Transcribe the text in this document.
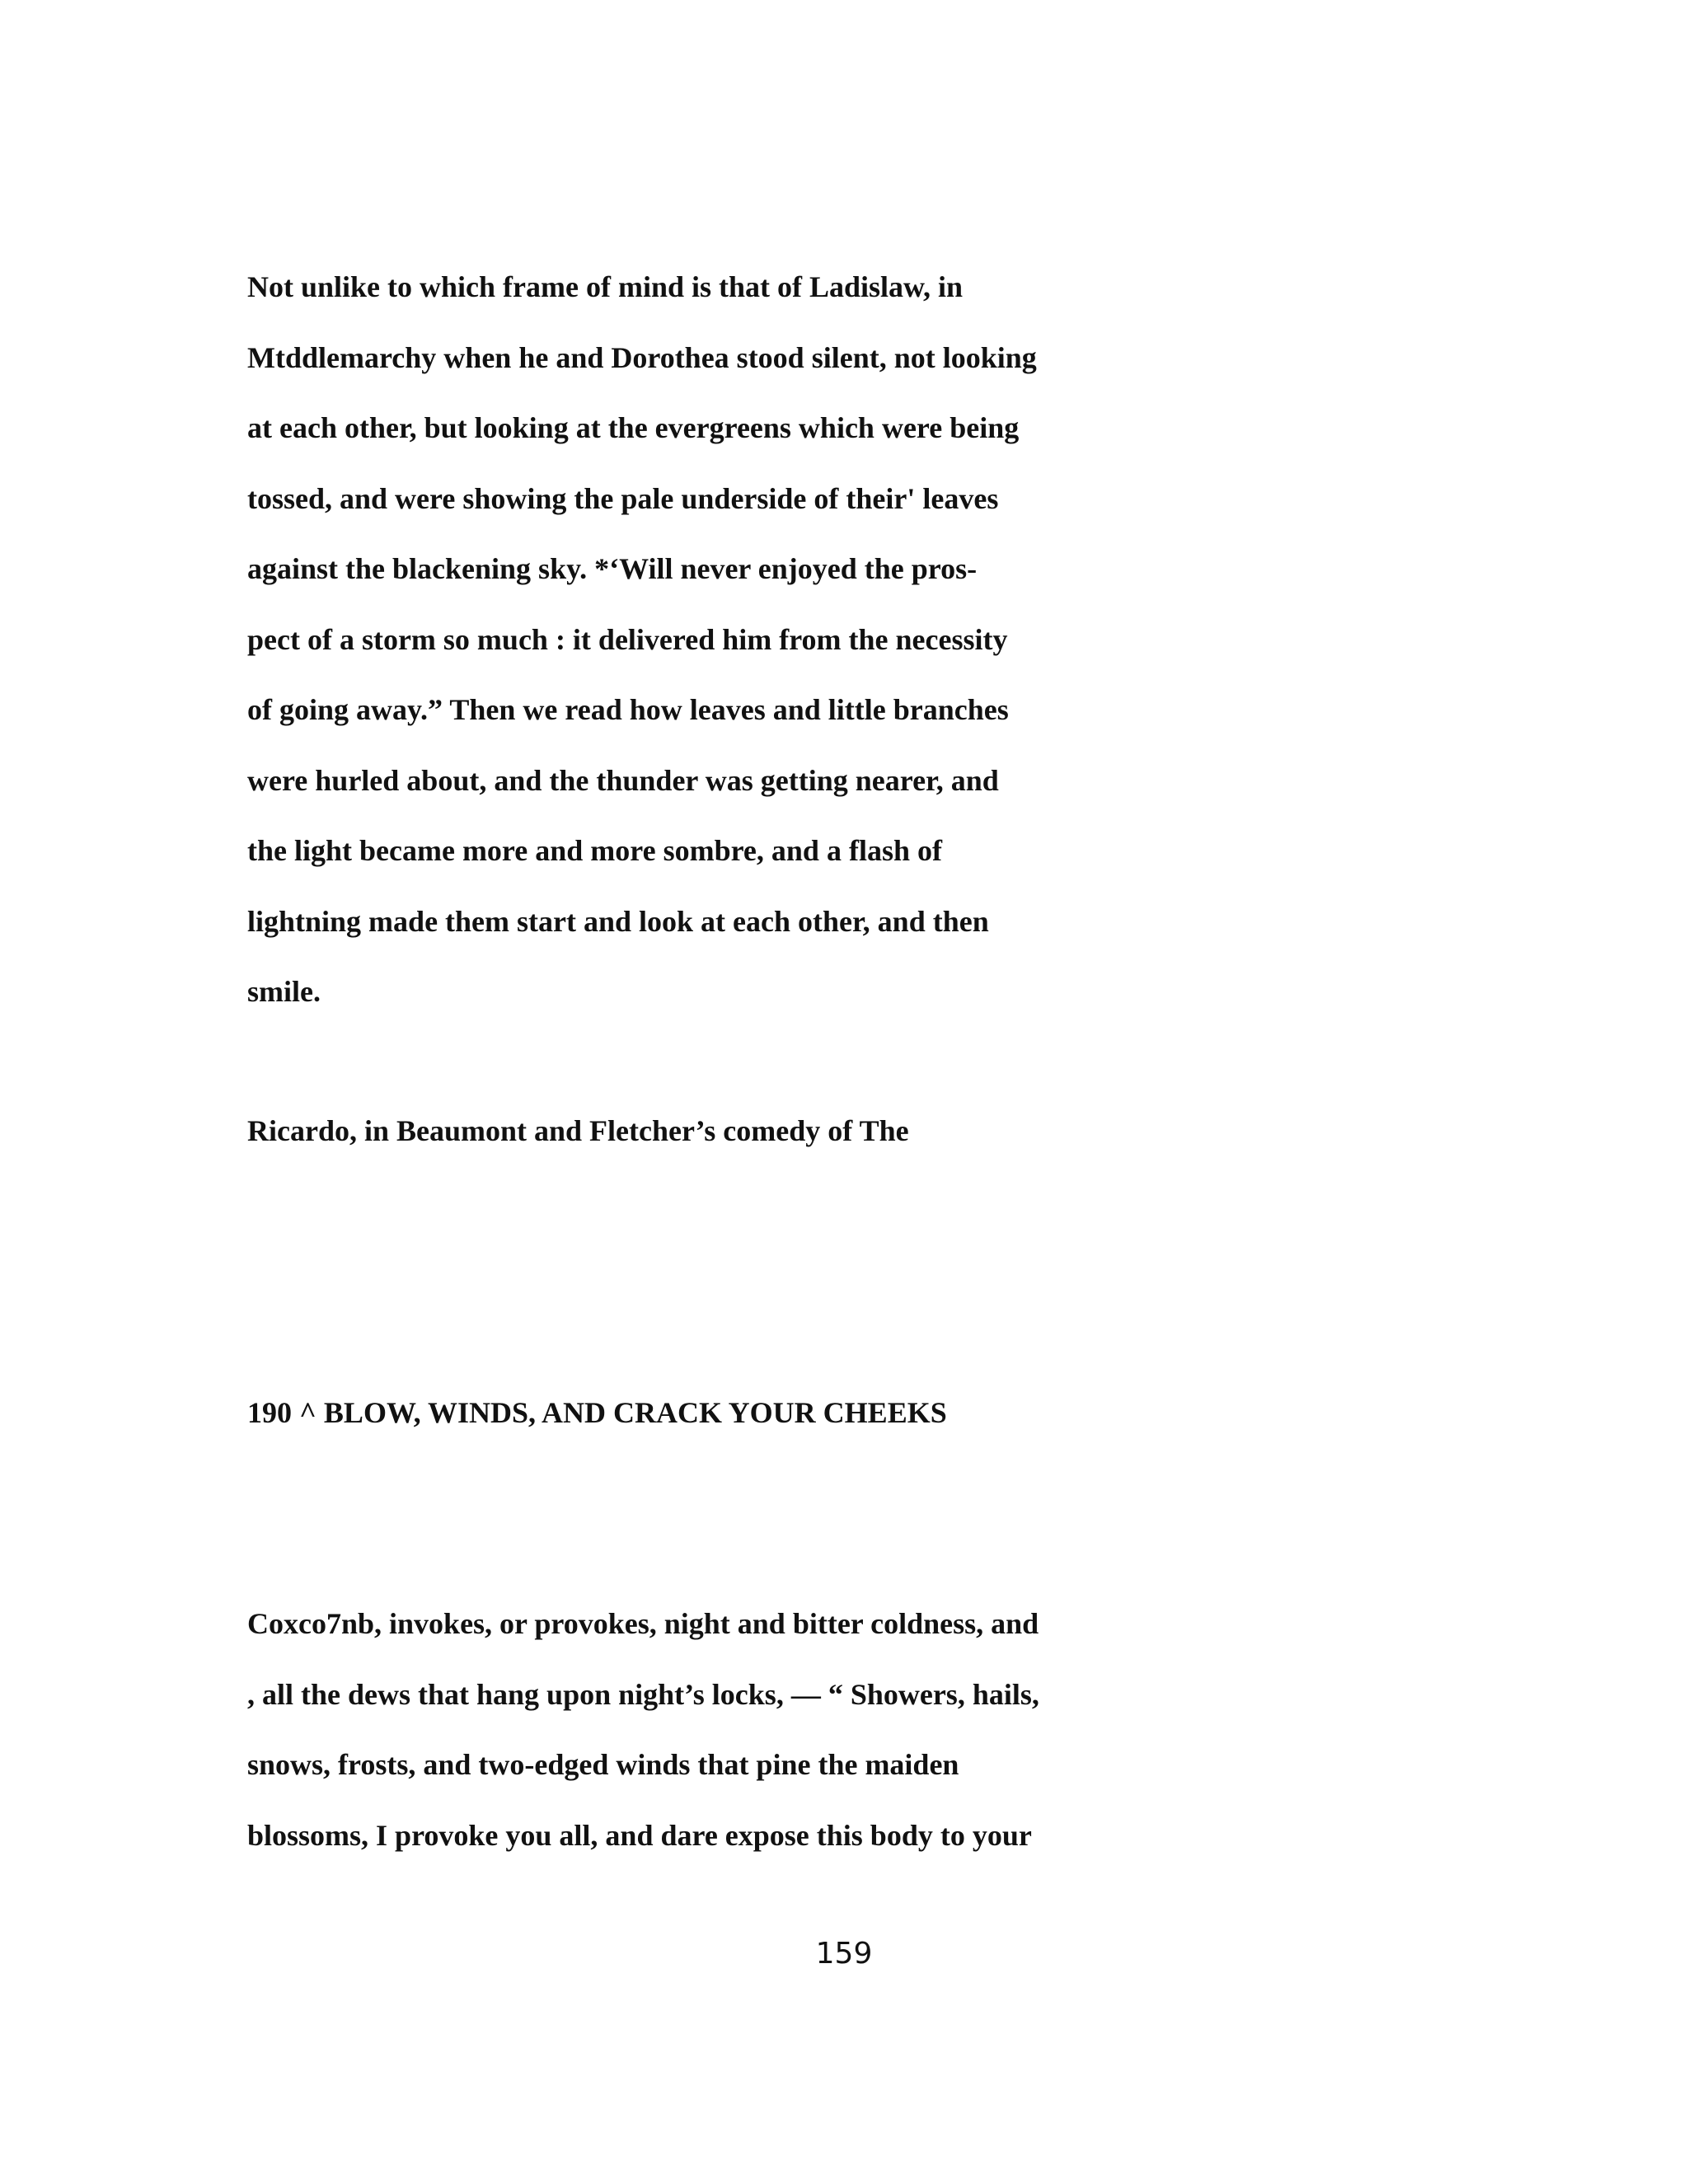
Not unlike to which frame of mind is that of Ladislaw, in
Mtddlemarchy when he and Dorothea stood silent, not looking
at each other, but looking at the evergreens which were being
tossed, and were showing the pale underside of their' leaves
against the blackening sky. *‘Will never enjoyed the pros-
pect of a storm so much : it delivered him from the necessity
of going away.” Then we read how leaves and little branches
were hurled about, and the thunder was getting nearer, and
the light became more and more sombre, and a flash of
lightning made them start and look at each other, and then
smile.
Ricardo, in Beaumont and Fletcher’s comedy of The
190 ^ BLOW, WINDS, AND CRACK YOUR CHEEKS
Coxco7nb, invokes, or provokes, night and bitter coldness, and
, all the dews that hang upon night’s locks, — “ Showers, hails,
snows, frosts, and two-edged winds that pine the maiden
blossoms, I provoke you all, and dare expose this body to your
159
